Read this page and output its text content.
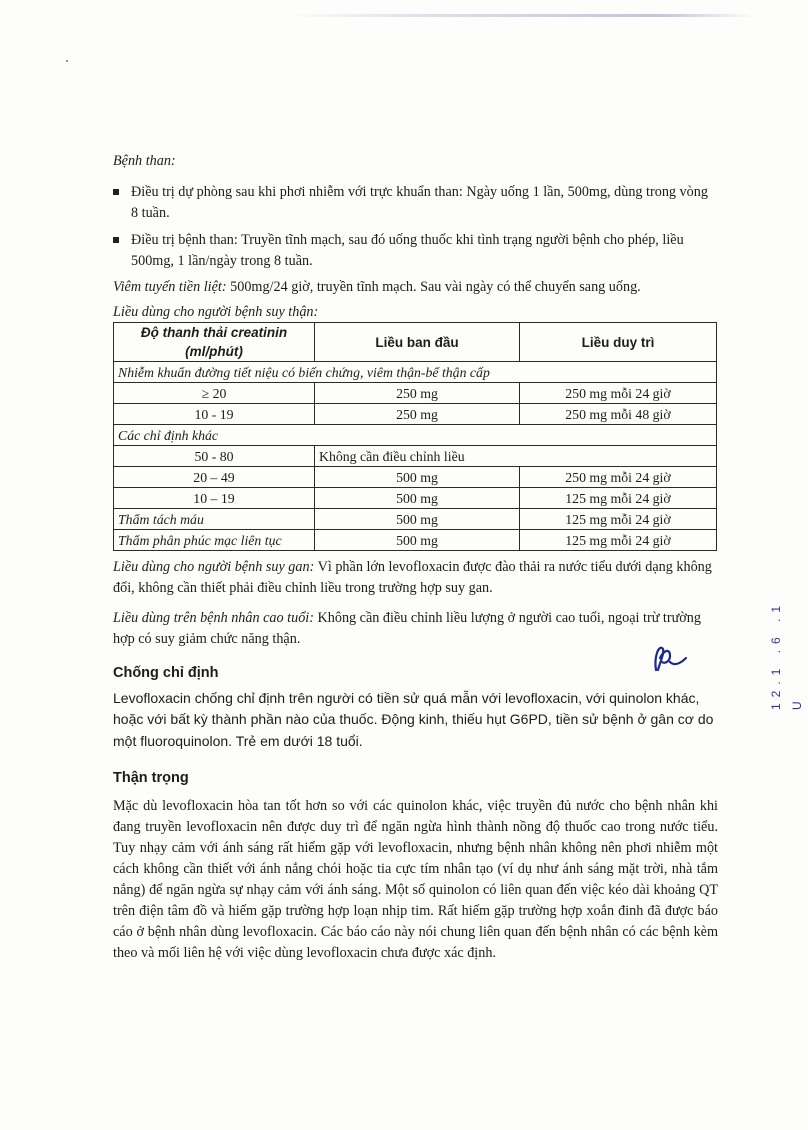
Bệnh than:
Điều trị dự phòng sau khi phơi nhiễm với trực khuẩn than: Ngày uống 1 lần, 500mg, dùng trong vòng 8 tuần.
Điều trị bệnh than: Truyền tĩnh mạch, sau đó uống thuốc khi tình trạng người bệnh cho phép, liều 500mg, 1 lần/ngày trong 8 tuần.

Viêm tuyến tiền liệt: 500mg/24 giờ, truyền tĩnh mạch. Sau vài ngày có thể chuyển sang uống.

Liều dùng cho người bệnh suy thận:
Độ thanh thải creatinin (ml/phút)	Liều ban đầu	Liều duy trì
Nhiễm khuẩn đường tiết niệu có biến chứng, viêm thận-bể thận cấp		
≥ 20	250 mg	250 mg mỗi 24 giờ
10 - 19	250 mg	250 mg mỗi 48 giờ
Các chỉ định khác		
50 - 80	Không cần điều chỉnh liều	
20 – 49	500 mg	250 mg mỗi 24 giờ
10 – 19	500 mg	125 mg mỗi 24 giờ
Thẩm tách máu	500 mg	125 mg mỗi 24 giờ
Thẩm phân phúc mạc liên tục	500 mg	125 mg mỗi 24 giờ

Liều dùng cho người bệnh suy gan: Vì phần lớn levofloxacin được đào thải ra nước tiểu dưới dạng không đổi, không cần thiết phải điều chỉnh liều trong trường hợp suy gan.

Liều dùng trên bệnh nhân cao tuổi: Không cần điều chỉnh liều lượng ở người cao tuổi, ngoại trừ trường hợp có suy giảm chức năng thận.

Chống chỉ định

Levofloxacin chống chỉ định trên người có tiền sử quá mẫn với levofloxacin, với quinolon khác, hoặc với bất kỳ thành phần nào của thuốc. Động kinh, thiếu hụt G6PD, tiền sử bệnh ở gân cơ do một fluoroquinolon. Trẻ em dưới 18 tuổi.

Thận trọng

Mặc dù levofloxacin hòa tan tốt hơn so với các quinolon khác, việc truyền đủ nước cho bệnh nhân khi đang truyền levofloxacin nên được duy trì để ngăn ngừa hình thành nồng độ thuốc cao trong nước tiểu. Tuy nhạy cảm với ánh sáng rất hiếm gặp với levofloxacin, nhưng bệnh nhân không nên phơi nhiễm một cách không cần thiết với ánh nắng chói hoặc tia cực tím nhân tạo (ví dụ như ánh sáng mặt trời, nhà tắm nắng) để ngăn ngừa sự nhạy cảm với ánh sáng. Một số quinolon có liên quan đến việc kéo dài khoảng QT trên điện tâm đồ và hiếm gặp trường hợp loạn nhịp tim. Rất hiếm gặp trường hợp xoắn đinh đã được báo cáo ở bệnh nhân dùng levofloxacin. Các báo cáo này nói chung liên quan đến bệnh nhân có các bệnh kèm theo và mối liên hệ với việc dùng levofloxacin chưa được xác định.

12.1 .6 .1 U
